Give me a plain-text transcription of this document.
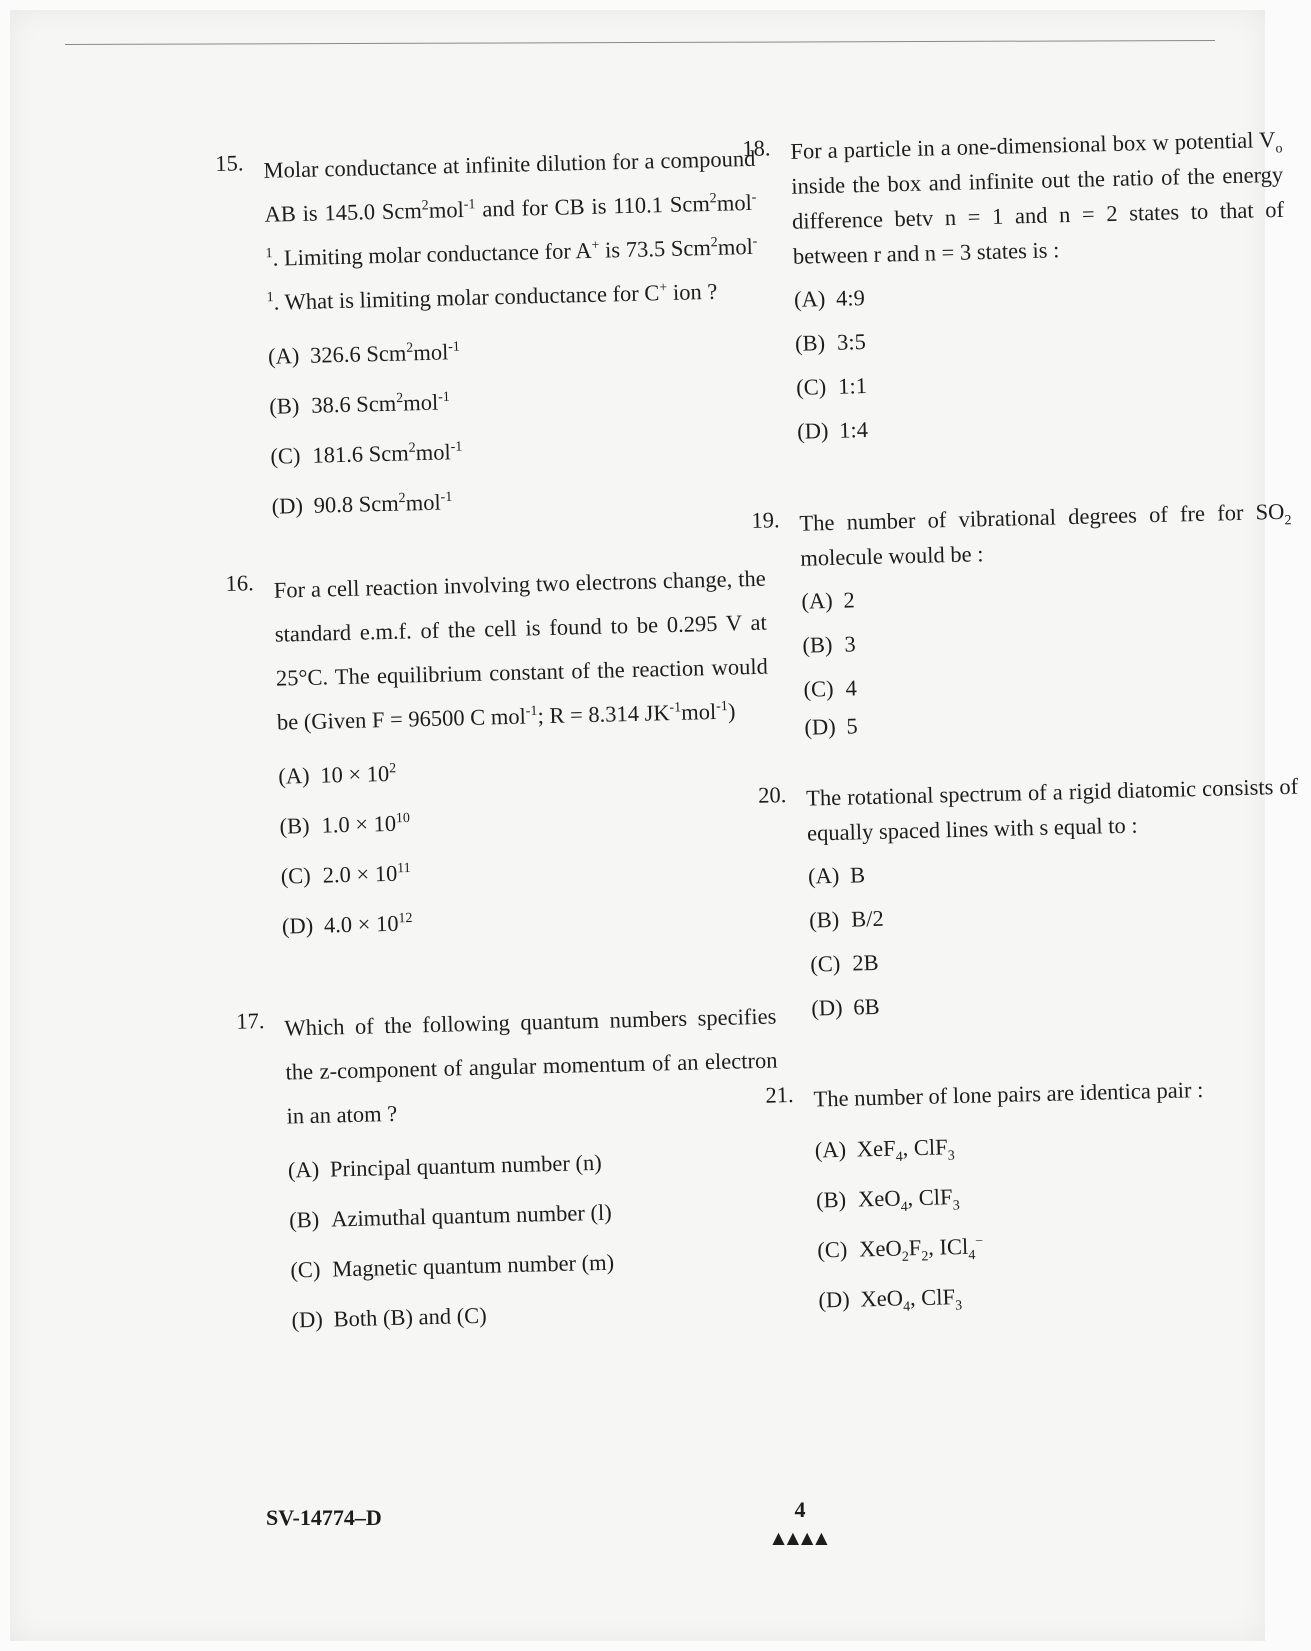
15. Molar conductance at infinite dilution for a compound AB is 145.0 Scm$^2$mol$^{-1}$ and for CB is 110.1 Scm$^2$mol$^{-1}$. Limiting molar conductance for A+ is 73.5 Scm$^2$mol$^{-1}$. What is limiting molar conductance for C+ ion ?
(A) 326.6 Scm$^2$mol$^{-1}$
(B) 38.6 Scm$^2$mol$^{-1}$
(C) 181.6 Scm$^2$mol$^{-1}$
(D) 90.8 Scm$^2$mol$^{-1}$
16. For a cell reaction involving two electrons change, the standard e.m.f. of the cell is found to be 0.295 V at 25°C. The equilibrium constant of the reaction would be (Given F = 96500 C mol$^{-1}$; R = 8.314 $JK^{-1}mol^{-1}$)
(A) $10 \times 10^2$
(B) $1.0 \times 10^{10}$
(C) $2.0 \times 10^{11}$
(D) $4.0 \times 10^{12}$
17. Which of the following quantum numbers specifies the z-component of angular momentum of an electron in an atom ?
(A) Principal quantum number (n)
(B) Azimuthal quantum number (l)
(C) Magnetic quantum number (m)
(D) Both (B) and (C)
18. For a particle in a one-dimensional box w potential $V_o$ inside the box and infinite out the ratio of the energy difference betv n = 1 and n = 2 states to that of between r and n = 3 states is :
(A) 4:9
(B) 3:5
(C) 1:1
(D) 1:4
19. The number of vibrational degrees of fre for $SO_2$ molecule would be :
(A) 2
(B) 3
(C) 4
(D) 5
20. The rotational spectrum of a rigid diatomic consists of equally spaced lines with s equal to :
(A) B
(B) B/2
(C) 2B
(D) 6B
21. The number of lone pairs are identica pair :
(A) XeF$_4$, ClF$_3$
(B) XeO$_4$, ClF$_3$
(C) $XeO_2F_2$, ICl$_4$−
(D) XeO$_4$, ClF$_3$
SV-14774–D	4
▲▲▲▲
